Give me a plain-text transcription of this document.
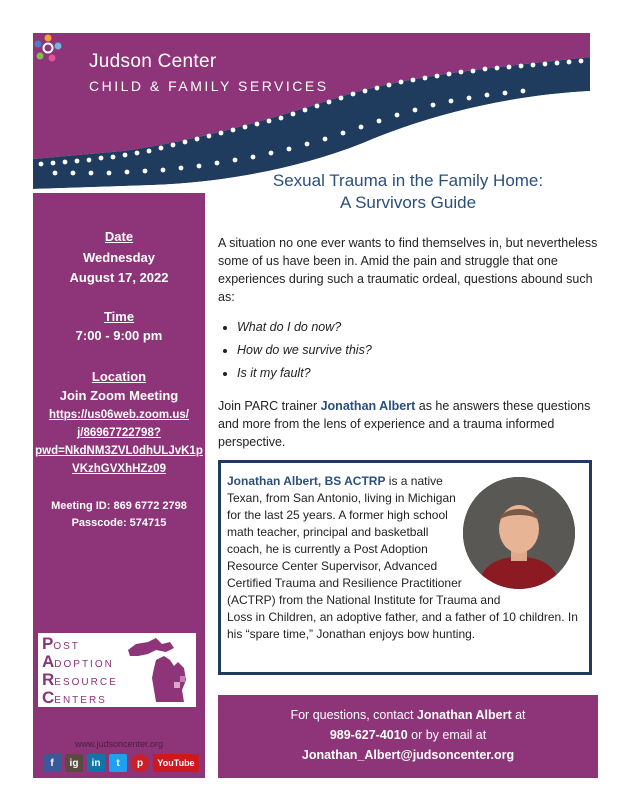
Judson Center
CHILD & FAMILY SERVICES
Date
Wednesday
August 17, 2022
Time
7:00 - 9:00 pm
Location
Join Zoom Meeting
https://us06web.zoom.us/
j/86967722798?
pwd=NkdNM3ZVL0dhULJvK1p
VKzhGVXhHZz09
Meeting ID: 869 6772 2798
Passcode: 574715
POST
ADOPTION
RESOURCE
CENTERS
www.judsoncenter.org
f	ig	in	t	p	YouTube
Sexual Trauma in the Family Home:
A Survivors Guide
A situation no one ever wants to find themselves in, but nevertheless some of us have been in. Amid the pain and struggle that one experiences during such a traumatic ordeal, questions abound such as:
• What do I do now?
• How do we survive this?
• Is it my fault?
Join PARC trainer Jonathan Albert as he answers these questions and more from the lens of experience and a trauma informed perspective.
Jonathan Albert, BS ACTRP is a native Texan, from San Antonio, living in Michigan for the last 25 years. A former high school math teacher, principal and basketball coach, he is currently a Post Adoption Resource Center Supervisor, Advanced Certified Trauma and Resilience Practitioner (ACTRP) from the National Institute for Trauma and Loss in Children, an adoptive father, and a father of 10 children. In his “spare time,” Jonathan enjoys bow hunting.
For questions, contact Jonathan Albert at
989-627-4010 or by email at
Jonathan_Albert@judsoncenter.org
